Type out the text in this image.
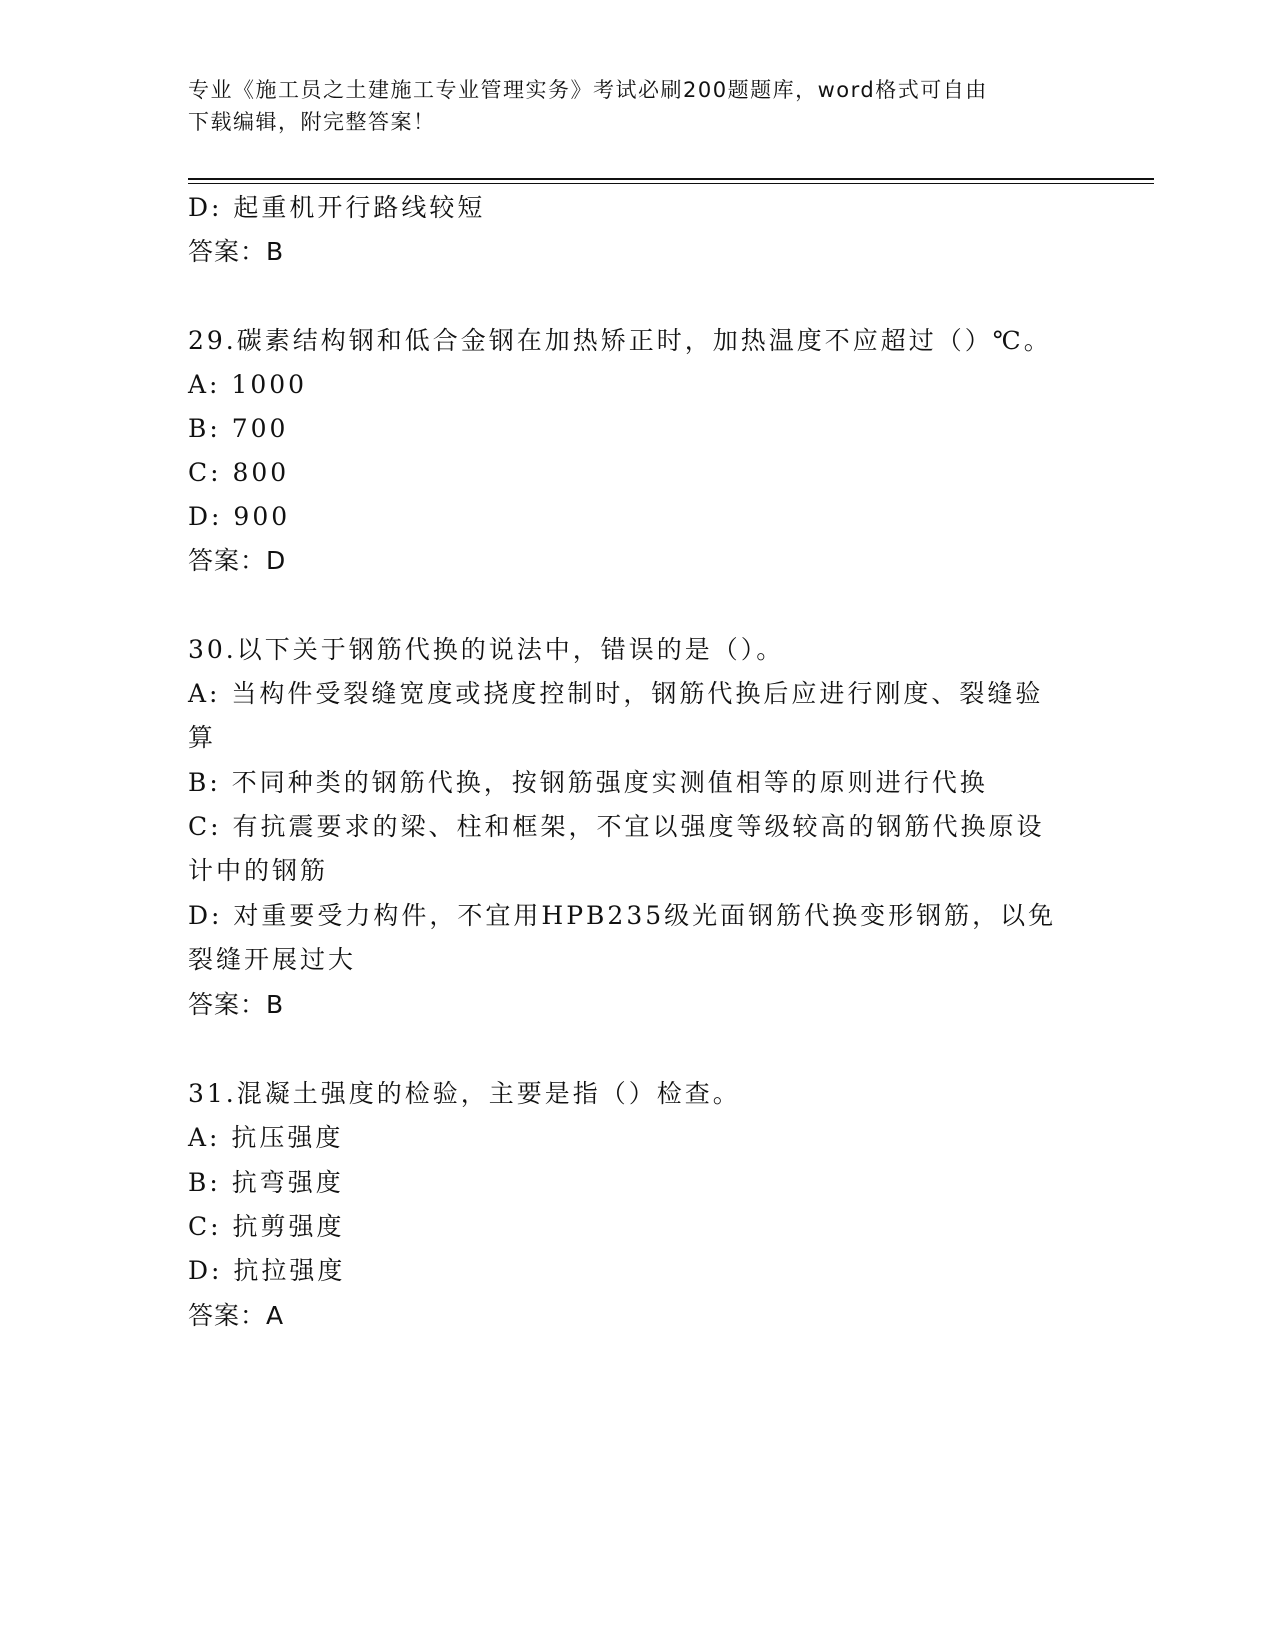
专业《施工员之土建施工专业管理实务》考试必刷200题题库，word格式可自由
下载编辑，附完整答案！
D: 起重机开行路线较短
答案：B
29.碳素结构钢和低合金钢在加热矫正时，加热温度不应超过（）℃。
A: 1000
B: 700
C: 800
D: 900
答案：D
30.以下关于钢筋代换的说法中，错误的是（）。
A: 当构件受裂缝宽度或挠度控制时，钢筋代换后应进行刚度、裂缝验
算
B: 不同种类的钢筋代换，按钢筋强度实测值相等的原则进行代换
C: 有抗震要求的梁、柱和框架，不宜以强度等级较高的钢筋代换原设
计中的钢筋
D: 对重要受力构件，不宜用HPB235级光面钢筋代换变形钢筋，以免
裂缝开展过大
答案：B
31.混凝土强度的检验，主要是指（）检查。
A: 抗压强度
B: 抗弯强度
C: 抗剪强度
D: 抗拉强度
答案：A
